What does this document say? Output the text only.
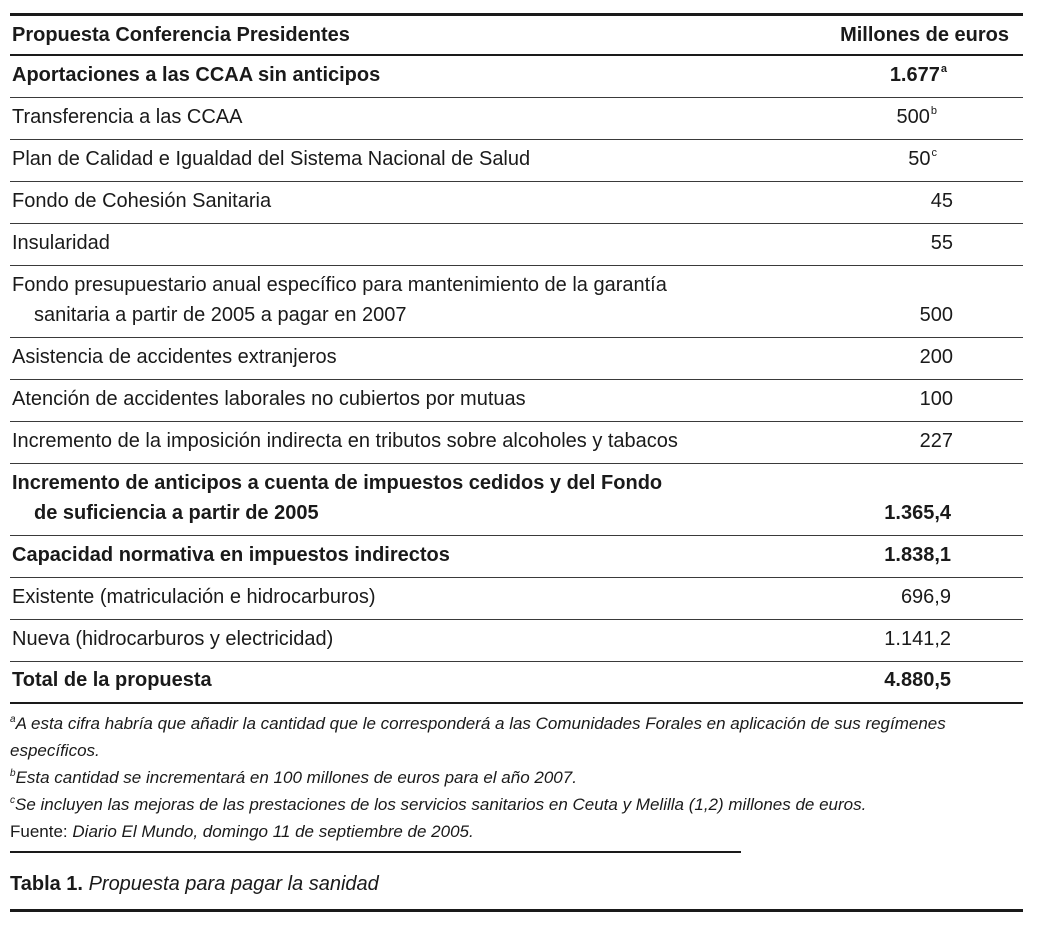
Propuesta Conferencia Presidentes	Millones de euros
Aportaciones a las CCAA sin anticipos	1.677$^a$
Transferencia a las CCAA	500$^b$
Plan de Calidad e Igualdad del Sistema Nacional de Salud	50$^c$
Fondo de Cohesión Sanitaria	45
Insularidad	55
Fondo presupuestario anual específico para mantenimiento de la garantía
sanitaria a partir de 2005 a pagar en 2007	500
Asistencia de accidentes extranjeros	200
Atención de accidentes laborales no cubiertos por mutuas	100
Incremento de la imposición indirecta en tributos sobre alcoholes y tabacos	227
Incremento de anticipos a cuenta de impuestos cedidos y del Fondo
de suficiencia a partir de 2005	1.365,4
Capacidad normativa en impuestos indirectos	1.838,1
Existente (matriculación e hidrocarburos)	696,9
Nueva (hidrocarburos y electricidad)	1.141,2
Total de la propuesta	4.880,5
$^a$A esta cifra habría que añadir la cantidad que le corresponderá a las Comunidades Forales en aplicación de sus regímenes específicos.
$^b$Esta cantidad se incrementará en 100 millones de euros para el año 2007.
$^c$Se incluyen las mejoras de las prestaciones de los servicios sanitarios en Ceuta y Melilla (1,2) millones de euros.
Fuente: Diario El Mundo, domingo 11 de septiembre de 2005.
Tabla 1. Propuesta para pagar la sanidad
